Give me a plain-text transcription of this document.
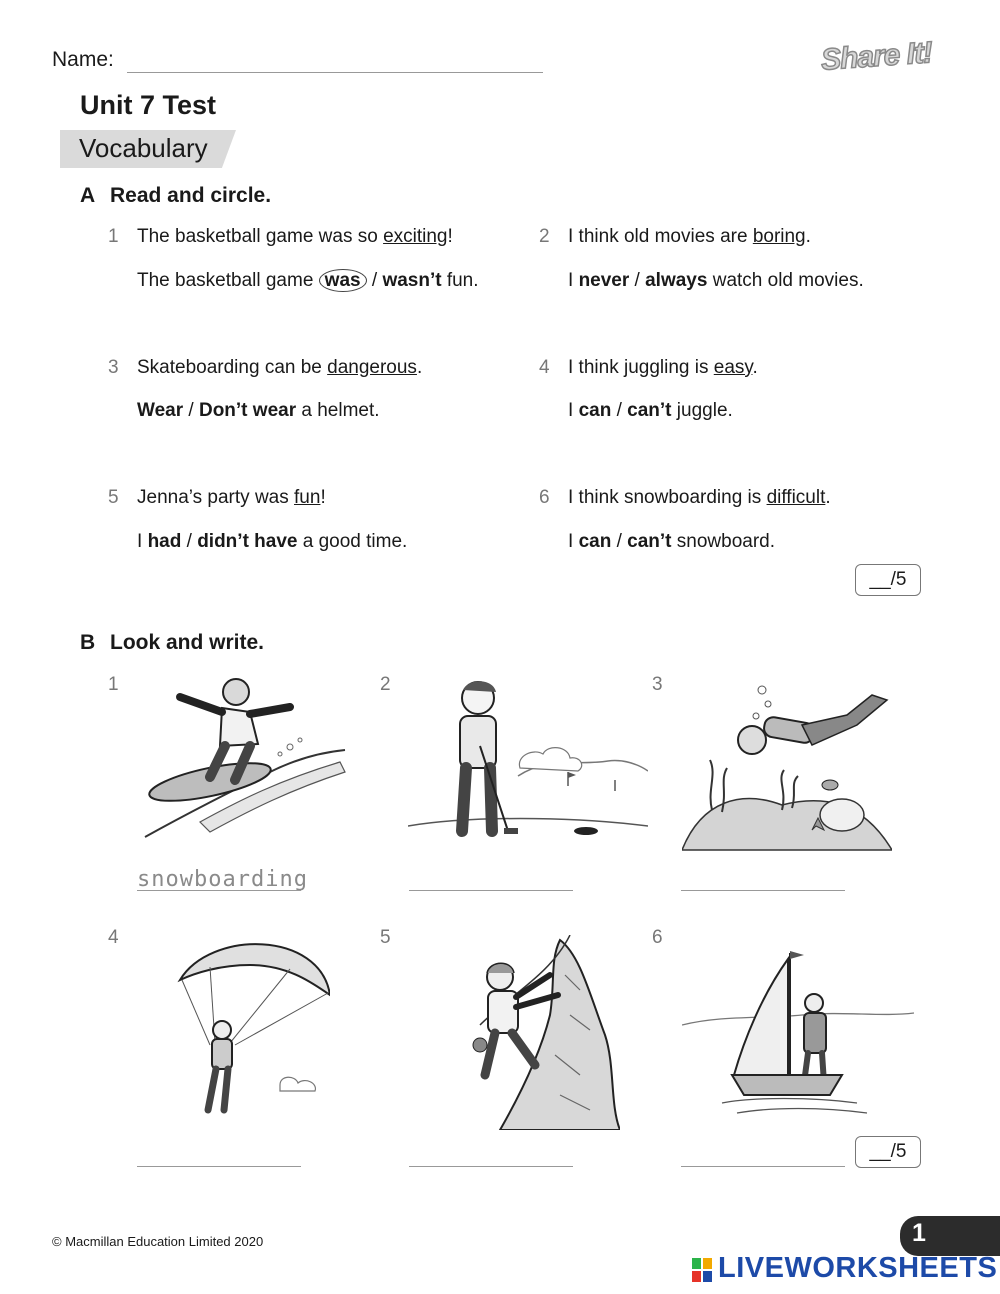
Name:	Share It!
Unit 7 Test
Vocabulary
A Read and circle.
1 The basketball game was so exciting!
The basketball game was / wasn’t fun.
2 I think old movies are boring.
I never / always watch old movies.
3 Skateboarding can be dangerous.
Wear / Don’t wear a helmet.
4 I think juggling is easy.
I can / can’t juggle.
5 Jenna’s party was fun!
I had / didn’t have a good time.
6 I think snowboarding is difficult.
I can / can’t snowboard.
__/5
B Look and write.
1	2	3
4	5	6
snowboarding
__/5
© Macmillan Education Limited 2020	1
LIVEWORKSHEETS
